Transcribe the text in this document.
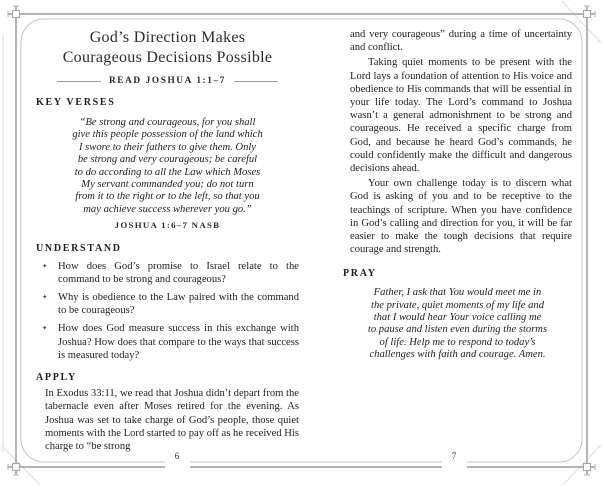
God’s Direction Makes
Courageous Decisions Possible
READ JOSHUA 1:1–7
KEY VERSES
“Be strong and courageous, for you shall
give this people possession of the land which
I swore to their fathers to give them. Only
be strong and very courageous; be careful
to do according to all the Law which Moses
My servant commanded you; do not turn
from it to the right or to the left, so that you
may achieve success wherever you go.”
JOSHUA 1:6–7 NASB
UNDERSTAND
✦ How does God’s promise to Israel relate to the command to be strong and courageous?
✦ Why is obedience to the Law paired with the command to be courageous?
✦ How does God measure success in this exchange with Joshua? How does that compare to the ways that success is measured today?
APPLY
In Exodus 33:11, we read that Joshua didn’t depart from the tabernacle even after Moses retired for the evening. As Joshua was set to take charge of God’s people, those quiet moments with the Lord started to pay off as he received His charge to “be strong
and very courageous” during a time of uncertainty and conflict.
Taking quiet moments to be present with the Lord lays a foundation of attention to His voice and obedience to His commands that will be essential in your life today. The Lord’s command to Joshua wasn’t a general admonishment to be strong and courageous. He received a specific charge from God, and because he heard God’s commands, he could confidently make the difficult and dangerous decisions ahead.
Your own challenge today is to discern what God is asking of you and to be receptive to the teachings of scripture. When you have confidence in God’s calling and direction for you, it will be far easier to make the tough decisions that require courage and strength.
PRAY
Father, I ask that You would meet me in
the private, quiet moments of my life and
that I would hear Your voice calling me
to pause and listen even during the storms
of life. Help me to respond to today’s
challenges with faith and courage. Amen.
6	7
